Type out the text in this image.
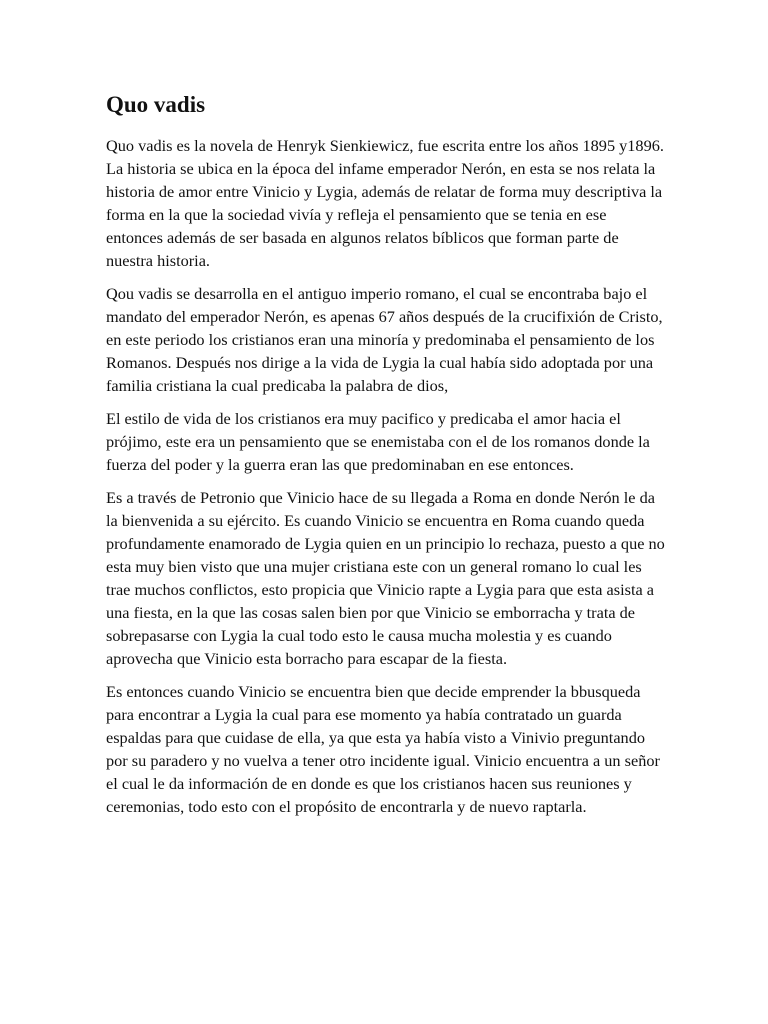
Quo vadis

Quo vadis es la novela de Henryk Sienkiewicz, fue escrita entre los años 1895 y1896. La historia se ubica en la época del infame emperador Nerón, en esta se nos relata la historia de amor entre Vinicio y Lygia, además de relatar de forma muy descriptiva la forma en la que la sociedad vivía y refleja el pensamiento que se tenia en ese entonces además de ser basada en algunos relatos bíblicos que forman parte de nuestra historia.

Qou vadis se desarrolla en el antiguo imperio romano, el cual se encontraba bajo el mandato del emperador Nerón, es apenas 67 años después de la crucifixión de Cristo, en este periodo los cristianos eran una minoría y predominaba el pensamiento de los Romanos. Después nos dirige a la vida de Lygia la cual había sido adoptada por una familia cristiana la cual predicaba la palabra de dios,

El estilo de vida de los cristianos era muy pacifico y predicaba el amor hacia el prójimo, este era un pensamiento que se enemistaba con el de los romanos donde la fuerza del poder y la guerra eran las que predominaban en ese entonces.

Es a través de Petronio que Vinicio hace de su llegada a Roma en donde Nerón le da la bienvenida a su ejército. Es cuando Vinicio se encuentra en Roma cuando queda profundamente enamorado de Lygia quien en un principio lo rechaza, puesto a que no esta muy bien visto que una mujer cristiana este con un general romano lo cual les trae muchos conflictos, esto propicia que Vinicio rapte a Lygia para que esta asista a una fiesta, en la que las cosas salen bien por que Vinicio se emborracha y trata de sobrepasarse con Lygia la cual todo esto le causa mucha molestia y es cuando aprovecha que Vinicio esta borracho para escapar de la fiesta.

Es entonces cuando Vinicio se encuentra bien que decide emprender la bbusqueda para encontrar a Lygia la cual para ese momento ya había contratado un guarda espaldas para que cuidase de ella, ya que esta ya había visto a Vinivio preguntando por su paradero y no vuelva a tener otro incidente igual. Vinicio encuentra a un señor el cual le da información de en donde es que los cristianos hacen sus reuniones y ceremonias, todo esto con el propósito de encontrarla y de nuevo raptarla.
